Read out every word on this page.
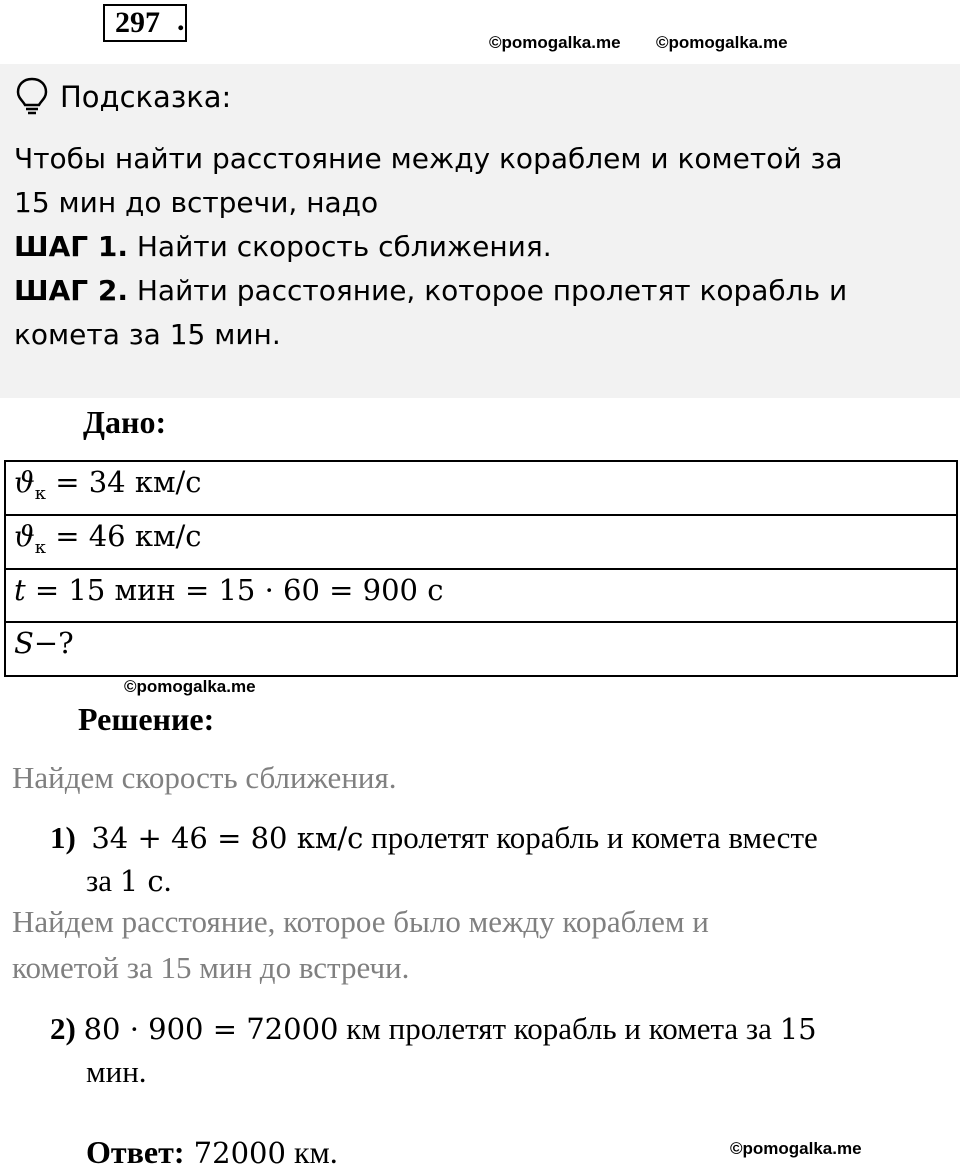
297 .
©pomogalka.me ©pomogalka.me
Подсказка:
Чтобы найти расстояние между кораблем и кометой за
15 мин до встречи, надо
ШАГ 1. Найти скорость сближения.
ШАГ 2. Найти расстояние, которое пролетят корабль и
комета за 15 мин.
Дано:
$ϑ_к = 34$ км/с
$ϑ_к = 46$ км/с
t = 15 мин = 15 · 60 = 900 с
S−?
©pomogalka.me
Решение:
Найдем скорость сближения.
1) 34 + 46 = 80 км/с пролетят корабль и комета вместе
за 1 с.
Найдем расстояние, которое было между кораблем и
кометой за 15 мин до встречи.
2) 80 · 900 = 72000 км пролетят корабль и комета за 15
мин.
Ответ: 72000 км.	©pomogalka.me
